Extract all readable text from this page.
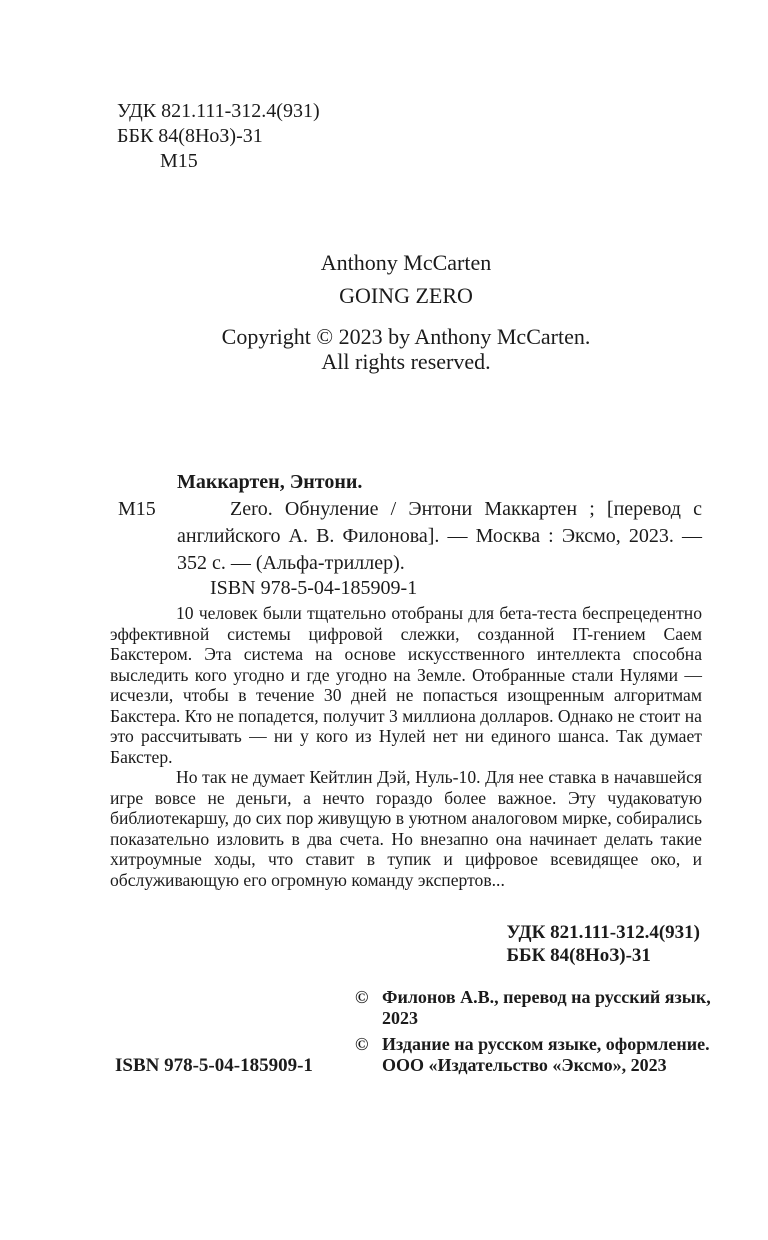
УДК 821.111-312.4(931)
ББК 84(8НоЗ)-31
М15
Anthony McCarten
GOING ZERO
Copyright © 2023 by Anthony McCarten.
All rights reserved.
Маккартен, Энтони.
М15	Zero. Обнуление / Энтони Маккартен ; [перевод с английского А. В. Филонова]. — Москва : Эксмо, 2023. — 352 с. — (Альфа-триллер).
ISBN 978-5-04-185909-1

10 человек были тщательно отобраны для бета-теста беспрецедентно эффективной системы цифровой слежки, созданной IT-гением Саем Бакстером. Эта система на основе искусственного интеллекта способна выследить кого угодно и где угодно на Земле. Отобранные стали Нулями — исчезли, чтобы в течение 30 дней не попасться изощренным алгоритмам Бакстера. Кто не попадется, получит 3 миллиона долларов. Однако не стоит на это рассчитывать — ни у кого из Нулей нет ни единого шанса. Так думает Бакстер.

Но так не думает Кейтлин Дэй, Нуль-10. Для нее ставка в начавшейся игре вовсе не деньги, а нечто гораздо более важное. Эту чудаковатую библиотекаршу, до сих пор живущую в уютном аналоговом мирке, собирались показательно изловить в два счета. Но внезапно она начинает делать такие хитроумные ходы, что ставит в тупик и цифровое всевидящее око, и обслуживающую его огромную команду экспертов...

УДК 821.111-312.4(931)
ББК 84(8НоЗ)-31
© Филонов А.В., перевод на русский язык,
2023
© Издание на русском языке, оформление.
ООО «Издательство «Эксмо», 2023
ISBN 978-5-04-185909-1
